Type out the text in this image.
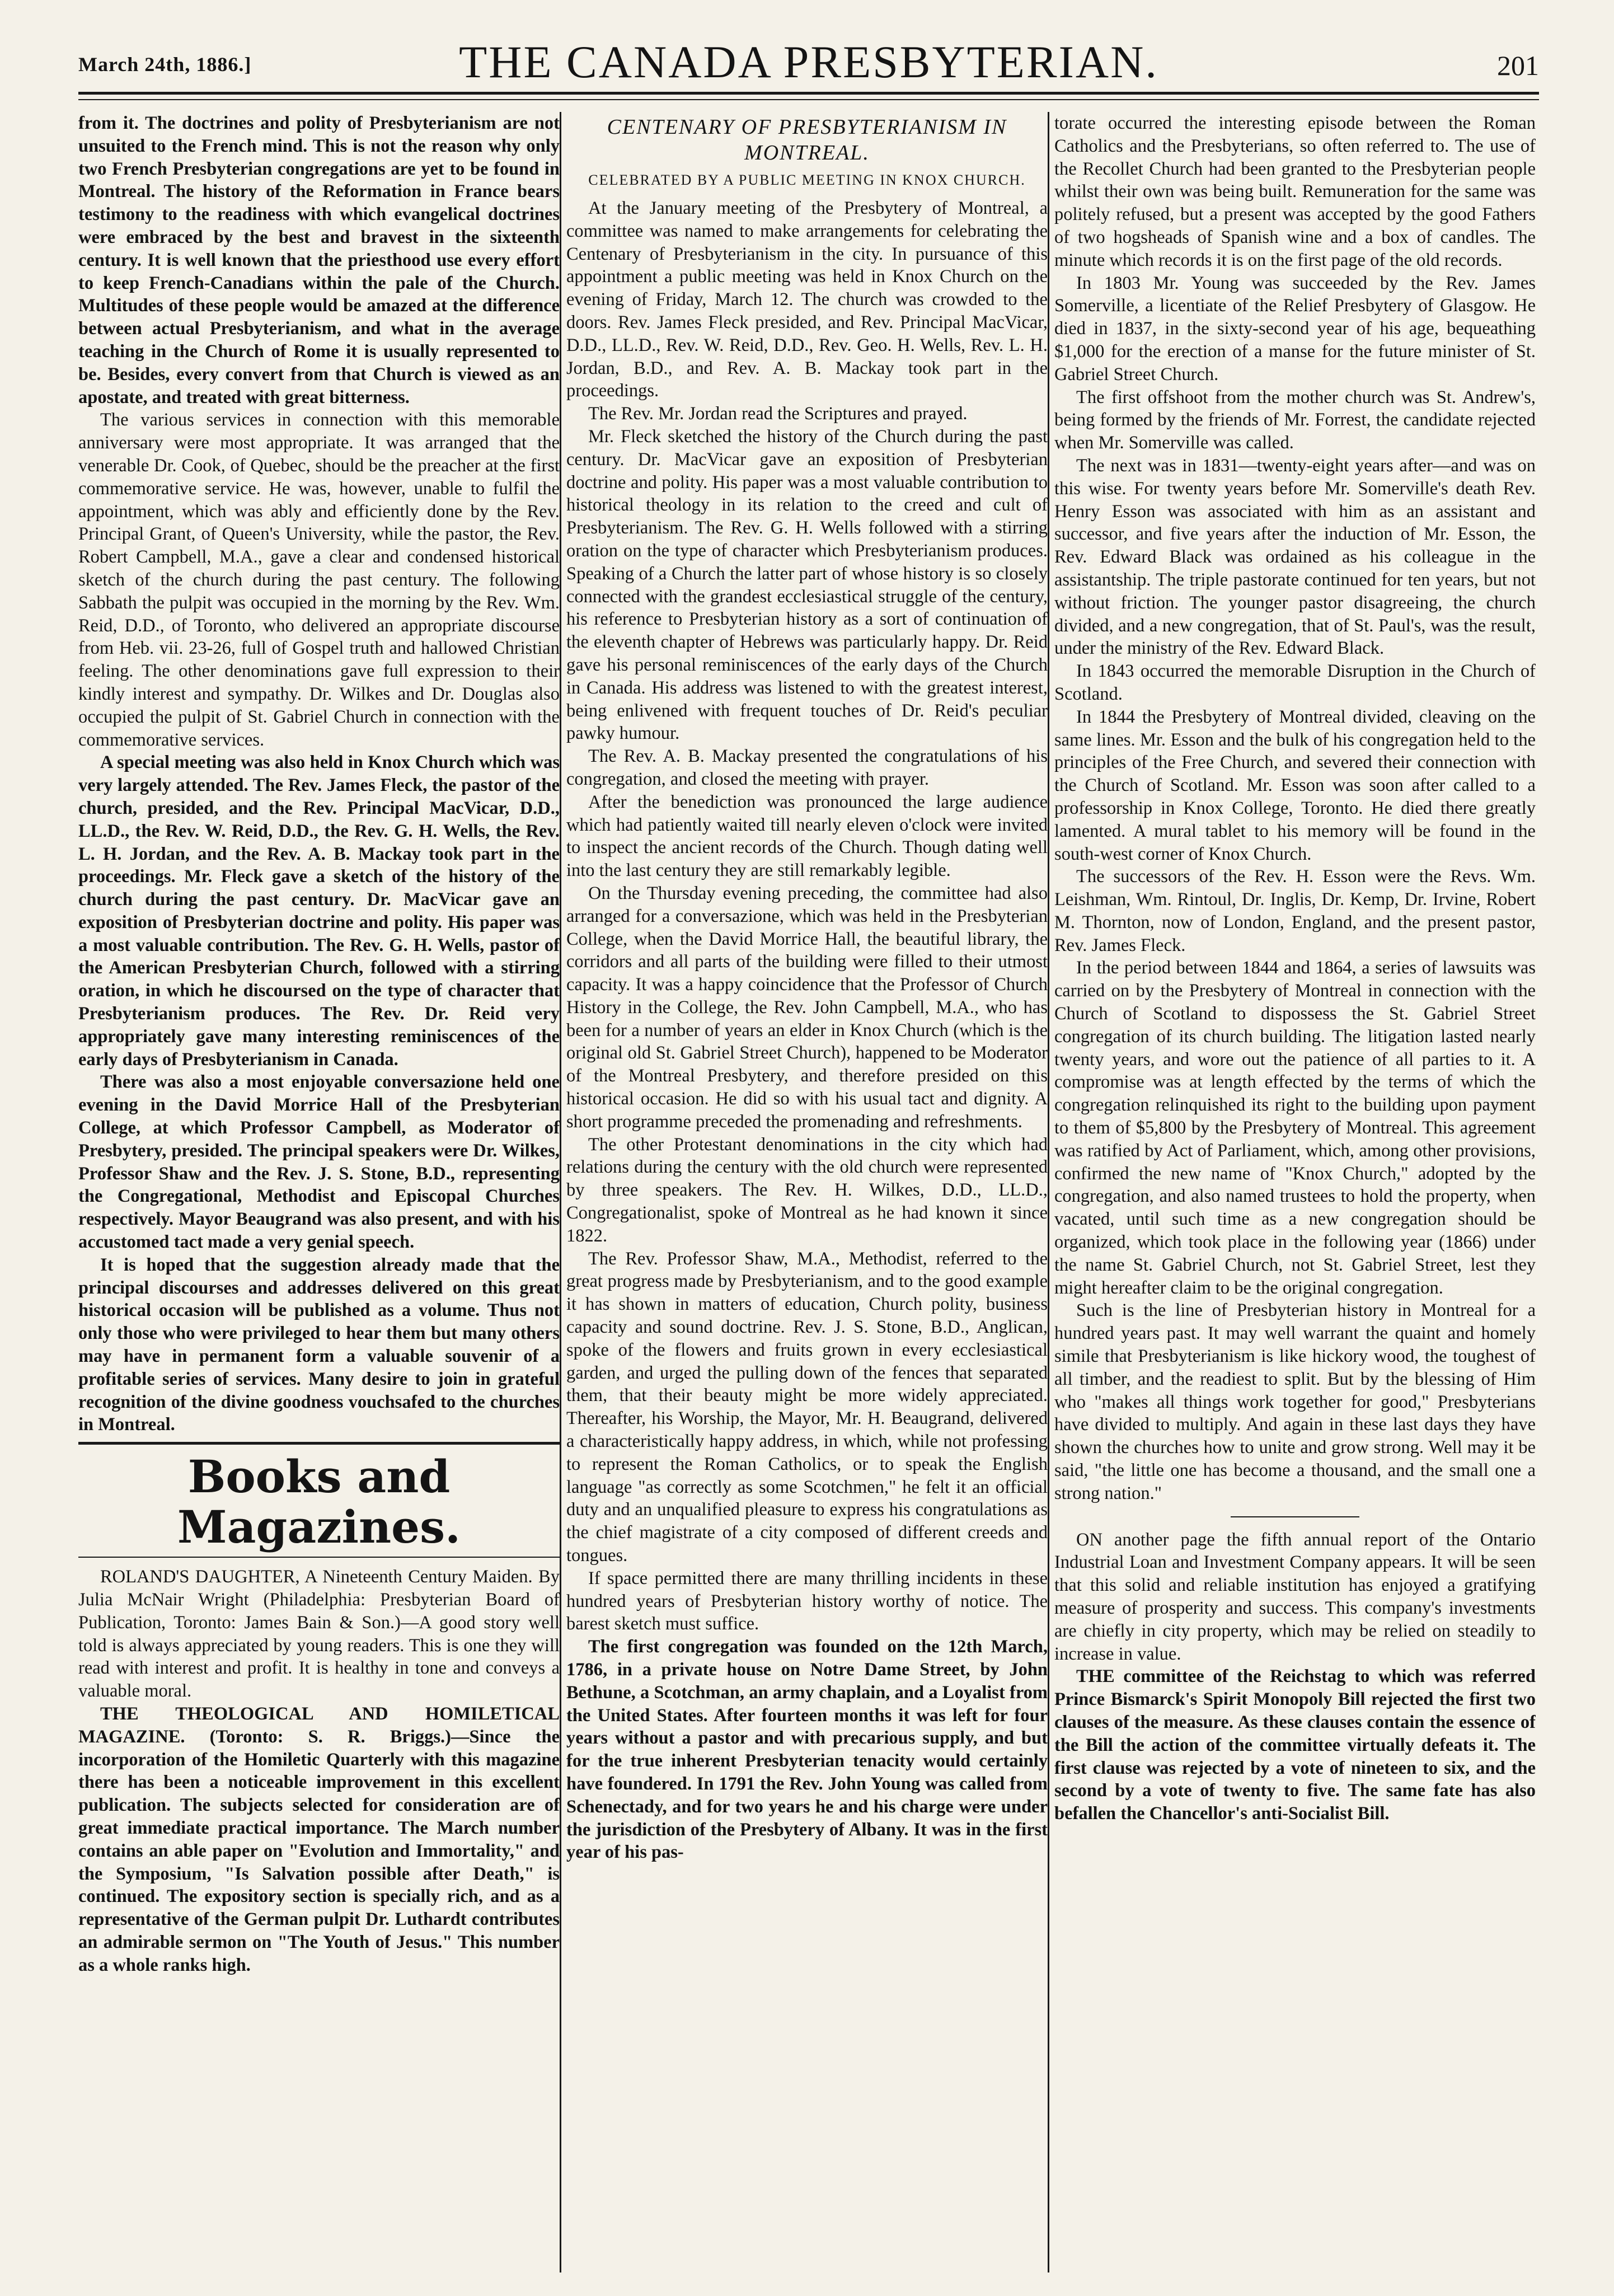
March 24th, 1886.]	THE CANADA PRESBYTERIAN.	201

from it. The doctrines and polity of Presbyterianism are not unsuited to the French mind. This is not the reason why only two French Presbyterian congregations are yet to be found in Montreal. The history of the Reformation in France bears testimony to the readiness with which evangelical doctrines were embraced by the best and bravest in the sixteenth century. It is well known that the priesthood use every effort to keep French-Canadians within the pale of the Church. Multitudes of these people would be amazed at the difference between actual Presbyterianism, and what in the average teaching in the Church of Rome it is usually represented to be. Besides, every convert from that Church is viewed as an apostate, and treated with great bitterness.

The various services in connection with this memorable anniversary were most appropriate. It was arranged that the venerable Dr. Cook, of Quebec, should be the preacher at the first commemorative service. He was, however, unable to fulfil the appointment, which was ably and efficiently done by the Rev. Principal Grant, of Queen's University, while the pastor, the Rev. Robert Campbell, M.A., gave a clear and condensed historical sketch of the church during the past century. The following Sabbath the pulpit was occupied in the morning by the Rev. Wm. Reid, D.D., of Toronto, who delivered an appropriate discourse from Heb. vii. 23-26, full of Gospel truth and hallowed Christian feeling. The other denominations gave full expression to their kindly interest and sympathy. Dr. Wilkes and Dr. Douglas also occupied the pulpit of St. Gabriel Church in connection with the commemorative services.

A special meeting was also held in Knox Church which was very largely attended. The Rev. James Fleck, the pastor of the church, presided, and the Rev. Principal MacVicar, D.D., LL.D., the Rev. W. Reid, D.D., the Rev. G. H. Wells, the Rev. L. H. Jordan, and the Rev. A. B. Mackay took part in the proceedings. Mr. Fleck gave a sketch of the history of the church during the past century. Dr. MacVicar gave an exposition of Presbyterian doctrine and polity. His paper was a most valuable contribution. The Rev. G. H. Wells, pastor of the American Presbyterian Church, followed with a stirring oration, in which he discoursed on the type of character that Presbyterianism produces. The Rev. Dr. Reid very appropriately gave many interesting reminiscences of the early days of Presbyterianism in Canada.

There was also a most enjoyable conversazione held one evening in the David Morrice Hall of the Presbyterian College, at which Professor Campbell, as Moderator of Presbytery, presided. The principal speakers were Dr. Wilkes, Professor Shaw and the Rev. J. S. Stone, B.D., representing the Congregational, Methodist and Episcopal Churches respectively. Mayor Beaugrand was also present, and with his accustomed tact made a very genial speech.

It is hoped that the suggestion already made that the principal discourses and addresses delivered on this great historical occasion will be published as a volume. Thus not only those who were privileged to hear them but many others may have in permanent form a valuable souvenir of a profitable series of services. Many desire to join in grateful recognition of the divine goodness vouchsafed to the churches in Montreal.

Books and Magazines.

ROLAND'S DAUGHTER, A Nineteenth Century Maiden. By Julia McNair Wright (Philadelphia: Presbyterian Board of Publication, Toronto: James Bain & Son.)—A good story well told is always appreciated by young readers. This is one they will read with interest and profit. It is healthy in tone and conveys a valuable moral.

THE THEOLOGICAL AND HOMILETICAL MAGAZINE. (Toronto: S. R. Briggs.)—Since the incorporation of the Homiletic Quarterly with this magazine there has been a noticeable improvement in this excellent publication. The subjects selected for consideration are of great immediate practical importance. The March number contains an able paper on "Evolution and Immortality," and the Symposium, "Is Salvation possible after Death," is continued. The expository section is specially rich, and as a representative of the German pulpit Dr. Luthardt contributes an admirable sermon on "The Youth of Jesus." This number as a whole ranks high.

CENTENARY OF PRESBYTERIANISM IN MONTREAL.
CELEBRATED BY A PUBLIC MEETING IN KNOX CHURCH.

At the January meeting of the Presbytery of Montreal, a committee was named to make arrangements for celebrating the Centenary of Presbyterianism in the city. In pursuance of this appointment a public meeting was held in Knox Church on the evening of Friday, March 12. The church was crowded to the doors. Rev. James Fleck presided, and Rev. Principal MacVicar, D.D., LL.D., Rev. W. Reid, D.D., Rev. Geo. H. Wells, Rev. L. H. Jordan, B.D., and Rev. A. B. Mackay took part in the proceedings.

The Rev. Mr. Jordan read the Scriptures and prayed.

Mr. Fleck sketched the history of the Church during the past century. Dr. MacVicar gave an exposition of Presbyterian doctrine and polity. His paper was a most valuable contribution to historical theology in its relation to the creed and cult of Presbyterianism. The Rev. G. H. Wells followed with a stirring oration on the type of character which Presbyterianism produces. Speaking of a Church the latter part of whose history is so closely connected with the grandest ecclesiastical struggle of the century, his reference to Presbyterian history as a sort of continuation of the eleventh chapter of Hebrews was particularly happy. Dr. Reid gave his personal reminiscences of the early days of the Church in Canada. His address was listened to with the greatest interest, being enlivened with frequent touches of Dr. Reid's peculiar pawky humour.

The Rev. A. B. Mackay presented the congratulations of his congregation, and closed the meeting with prayer.

After the benediction was pronounced the large audience which had patiently waited till nearly eleven o'clock were invited to inspect the ancient records of the Church. Though dating well into the last century they are still remarkably legible.

On the Thursday evening preceding, the committee had also arranged for a conversazione, which was held in the Presbyterian College, when the David Morrice Hall, the beautiful library, the corridors and all parts of the building were filled to their utmost capacity. It was a happy coincidence that the Professor of Church History in the College, the Rev. John Campbell, M.A., who has been for a number of years an elder in Knox Church (which is the original old St. Gabriel Street Church), happened to be Moderator of the Montreal Presbytery, and therefore presided on this historical occasion. He did so with his usual tact and dignity. A short programme preceded the promenading and refreshments.

The other Protestant denominations in the city which had relations during the century with the old church were represented by three speakers. The Rev. H. Wilkes, D.D., LL.D., Congregationalist, spoke of Montreal as he had known it since 1822.

The Rev. Professor Shaw, M.A., Methodist, referred to the great progress made by Presbyterianism, and to the good example it has shown in matters of education, Church polity, business capacity and sound doctrine. Rev. J. S. Stone, B.D., Anglican, spoke of the flowers and fruits grown in every ecclesiastical garden, and urged the pulling down of the fences that separated them, that their beauty might be more widely appreciated. Thereafter, his Worship, the Mayor, Mr. H. Beaugrand, delivered a characteristically happy address, in which, while not professing to represent the Roman Catholics, or to speak the English language "as correctly as some Scotchmen," he felt it an official duty and an unqualified pleasure to express his congratulations as the chief magistrate of a city composed of different creeds and tongues.

If space permitted there are many thrilling incidents in these hundred years of Presbyterian history worthy of notice. The barest sketch must suffice.

The first congregation was founded on the 12th March, 1786, in a private house on Notre Dame Street, by John Bethune, a Scotchman, an army chaplain, and a Loyalist from the United States. After fourteen months it was left for four years without a pastor and with precarious supply, and but for the true inherent Presbyterian tenacity would certainly have foundered. In 1791 the Rev. John Young was called from Schenectady, and for two years he and his charge were under the jurisdiction of the Presbytery of Albany. It was in the first year of his pas-

torate occurred the interesting episode between the Roman Catholics and the Presbyterians, so often referred to. The use of the Recollet Church had been granted to the Presbyterian people whilst their own was being built. Remuneration for the same was politely refused, but a present was accepted by the good Fathers of two hogsheads of Spanish wine and a box of candles. The minute which records it is on the first page of the old records.

In 1803 Mr. Young was succeeded by the Rev. James Somerville, a licentiate of the Relief Presbytery of Glasgow. He died in 1837, in the sixty-second year of his age, bequeathing $1,000 for the erection of a manse for the future minister of St. Gabriel Street Church.

The first offshoot from the mother church was St. Andrew's, being formed by the friends of Mr. Forrest, the candidate rejected when Mr. Somerville was called.

The next was in 1831—twenty-eight years after—and was on this wise. For twenty years before Mr. Somerville's death Rev. Henry Esson was associated with him as an assistant and successor, and five years after the induction of Mr. Esson, the Rev. Edward Black was ordained as his colleague in the assistantship. The triple pastorate continued for ten years, but not without friction. The younger pastor disagreeing, the church divided, and a new congregation, that of St. Paul's, was the result, under the ministry of the Rev. Edward Black.

In 1843 occurred the memorable Disruption in the Church of Scotland.

In 1844 the Presbytery of Montreal divided, cleaving on the same lines. Mr. Esson and the bulk of his congregation held to the principles of the Free Church, and severed their connection with the Church of Scotland. Mr. Esson was soon after called to a professorship in Knox College, Toronto. He died there greatly lamented. A mural tablet to his memory will be found in the south-west corner of Knox Church.

The successors of the Rev. H. Esson were the Revs. Wm. Leishman, Wm. Rintoul, Dr. Inglis, Dr. Kemp, Dr. Irvine, Robert M. Thornton, now of London, England, and the present pastor, Rev. James Fleck.

In the period between 1844 and 1864, a series of lawsuits was carried on by the Presbytery of Montreal in connection with the Church of Scotland to dispossess the St. Gabriel Street congregation of its church building. The litigation lasted nearly twenty years, and wore out the patience of all parties to it. A compromise was at length effected by the terms of which the congregation relinquished its right to the building upon payment to them of $5,800 by the Presbytery of Montreal. This agreement was ratified by Act of Parliament, which, among other provisions, confirmed the new name of "Knox Church," adopted by the congregation, and also named trustees to hold the property, when vacated, until such time as a new congregation should be organized, which took place in the following year (1866) under the name St. Gabriel Church, not St. Gabriel Street, lest they might hereafter claim to be the original congregation.

Such is the line of Presbyterian history in Montreal for a hundred years past. It may well warrant the quaint and homely simile that Presbyterianism is like hickory wood, the toughest of all timber, and the readiest to split. But by the blessing of Him who "makes all things work together for good," Presbyterians have divided to multiply. And again in these last days they have shown the churches how to unite and grow strong. Well may it be said, "the little one has become a thousand, and the small one a strong nation."

ON another page the fifth annual report of the Ontario Industrial Loan and Investment Company appears. It will be seen that this solid and reliable institution has enjoyed a gratifying measure of prosperity and success. This company's investments are chiefly in city property, which may be relied on steadily to increase in value.

THE committee of the Reichstag to which was referred Prince Bismarck's Spirit Monopoly Bill rejected the first two clauses of the measure. As these clauses contain the essence of the Bill the action of the committee virtually defeats it. The first clause was rejected by a vote of nineteen to six, and the second by a vote of twenty to five. The same fate has also befallen the Chancellor's anti-Socialist Bill.
